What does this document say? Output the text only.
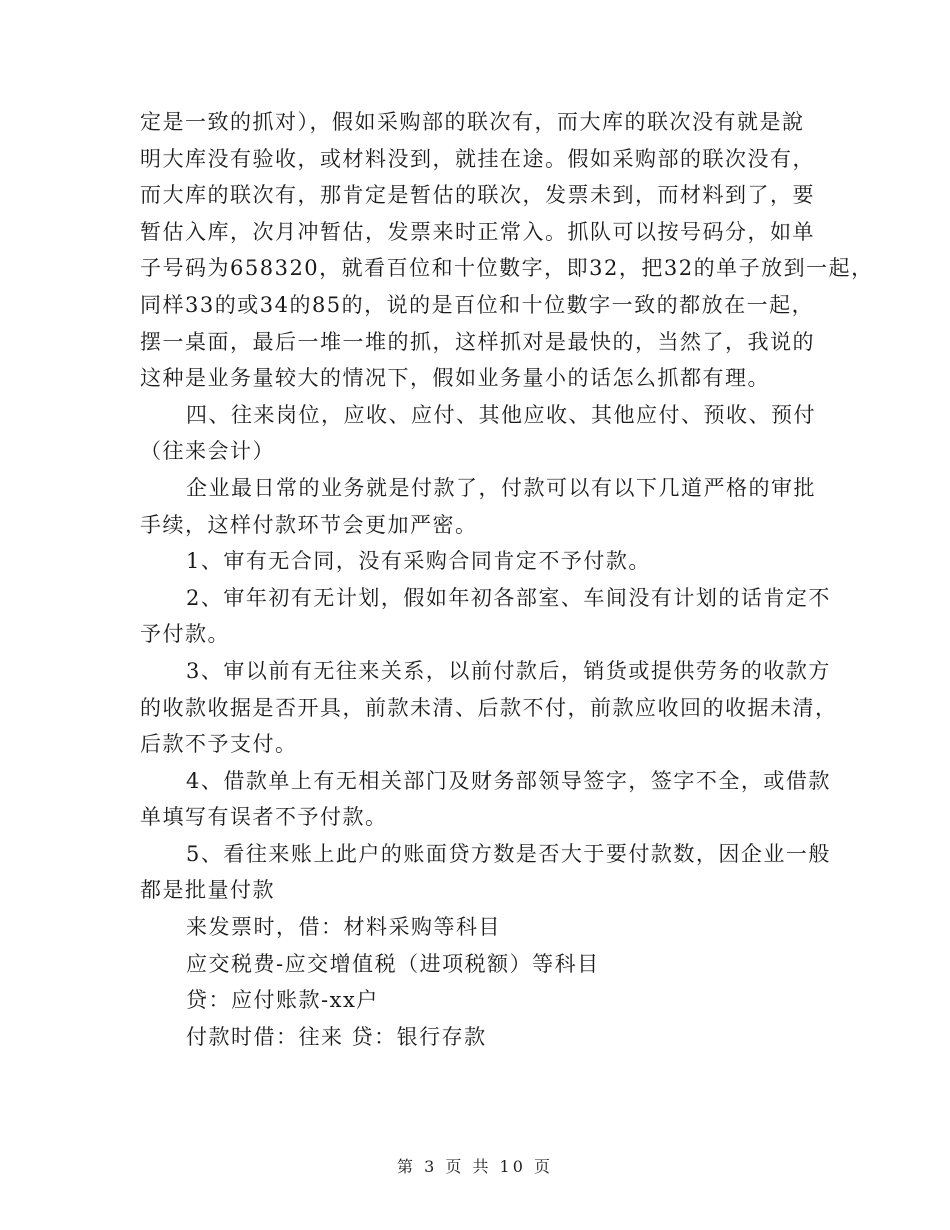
定是一致的抓对），假如采购部的联次有，而大库的联次没有就是說
明大库没有验收，或材料没到，就挂在途。假如采购部的联次没有，
而大库的联次有，那肯定是暂估的联次，发票未到，而材料到了，要
暂估入库，次月冲暂估，发票来时正常入。抓队可以按号码分，如单
子号码为658320，就看百位和十位數字，即32，把32的单子放到一起，
同样33的或34的85的，说的是百位和十位數字一致的都放在一起，
摆一桌面，最后一堆一堆的抓，这样抓对是最快的，当然了，我说的
这种是业务量较大的情况下，假如业务量小的话怎么抓都有理。
四、往来岗位，应收、应付、其他应收、其他应付、预收、预付
（往来会计）
企业最日常的业务就是付款了，付款可以有以下几道严格的审批
手续，这样付款环节会更加严密。
1、审有无合同，没有采购合同肯定不予付款。
2、审年初有无计划，假如年初各部室、车间没有计划的话肯定不
予付款。
3、审以前有无往来关系，以前付款后，销货或提供劳务的收款方
的收款收据是否开具，前款未清、后款不付，前款应收回的收据未清，
后款不予支付。
4、借款单上有无相关部门及财务部领导签字，签字不全，或借款
单填写有误者不予付款。
5、看往来账上此户的账面贷方数是否大于要付款数，因企业一般
都是批量付款
来发票时，借：材料采购等科目
应交税费-应交增值税（进项税额）等科目
贷：应付账款-xx户
付款时借：往来 贷：银行存款
第 3 页 共 10 页
